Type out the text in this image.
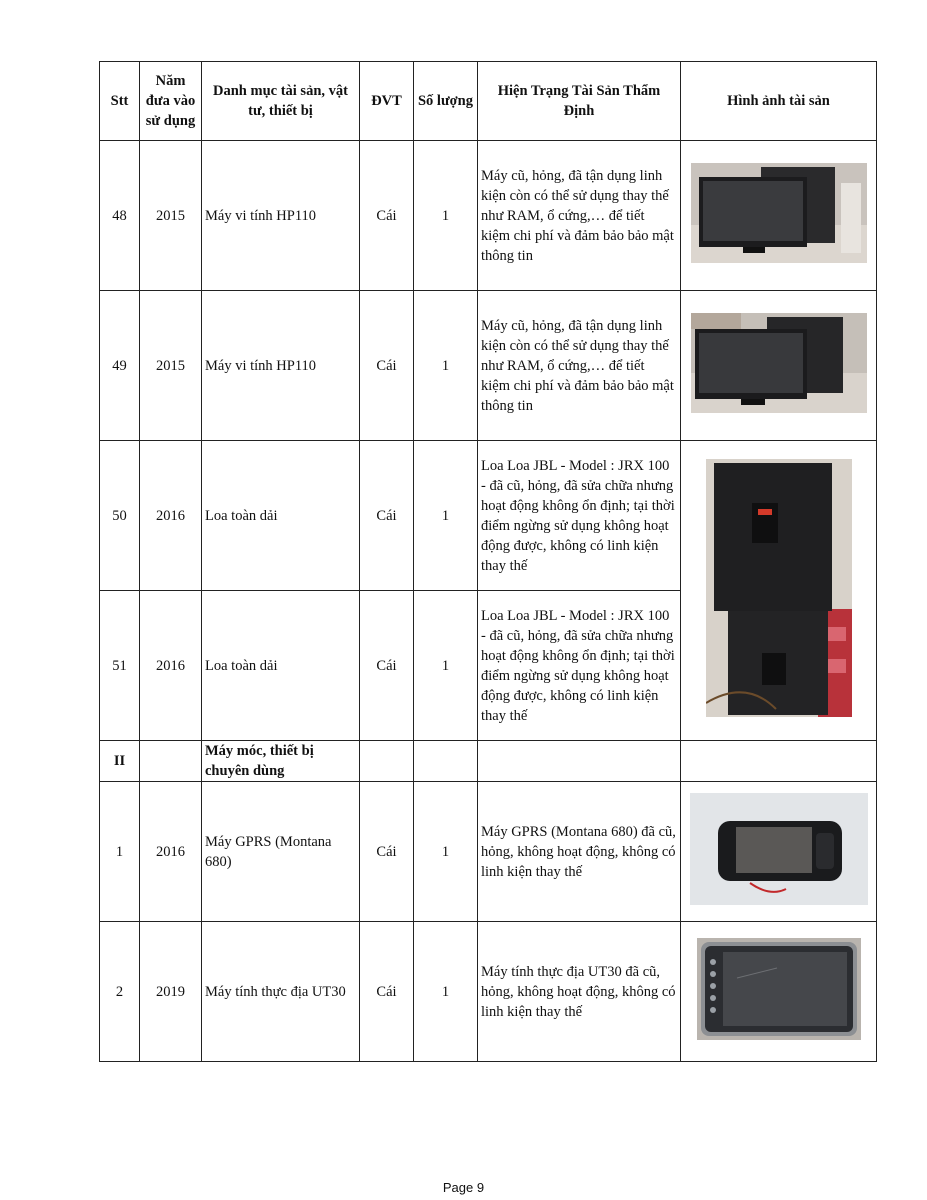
Stt	Năm đưa vào sử dụng	Danh mục tài sản, vật tư, thiết bị	ĐVT	Số lượng	Hiện Trạng Tài Sản Thẩm Định	Hình ảnh tài sản
48	2015	Máy vi tính HP110	Cái	1	Máy cũ, hỏng, đã tận dụng linh kiện còn có thể sử dụng thay thế như RAM, ổ cứng,… để tiết kiệm chi phí và đảm bảo bảo mật thông tin	
49	2015	Máy vi tính HP110	Cái	1	Máy cũ, hỏng, đã tận dụng linh kiện còn có thể sử dụng thay thế như RAM, ổ cứng,… để tiết kiệm chi phí và đảm bảo bảo mật thông tin	
50	2016	Loa toàn dải	Cái	1	Loa Loa JBL - Model : JRX 100 - đã cũ, hỏng, đã sửa chữa nhưng hoạt động không ổn định; tại thời điểm ngừng sử dụng không hoạt động được, không có linh kiện thay thế	
51	2016	Loa toàn dải	Cái	1	Loa Loa JBL - Model : JRX 100 - đã cũ, hỏng, đã sửa chữa nhưng hoạt động không ổn định; tại thời điểm ngừng sử dụng không hoạt động được, không có linh kiện thay thế	
II		Máy móc, thiết bị chuyên dùng				
1	2016	Máy GPRS (Montana 680)	Cái	1	Máy GPRS (Montana 680) đã cũ, hỏng, không hoạt động, không có linh kiện thay thế	
2	2019	Máy tính thực địa UT30	Cái	1	Máy tính thực địa UT30 đã cũ, hỏng, không hoạt động, không có linh kiện thay thế	
Page 9
